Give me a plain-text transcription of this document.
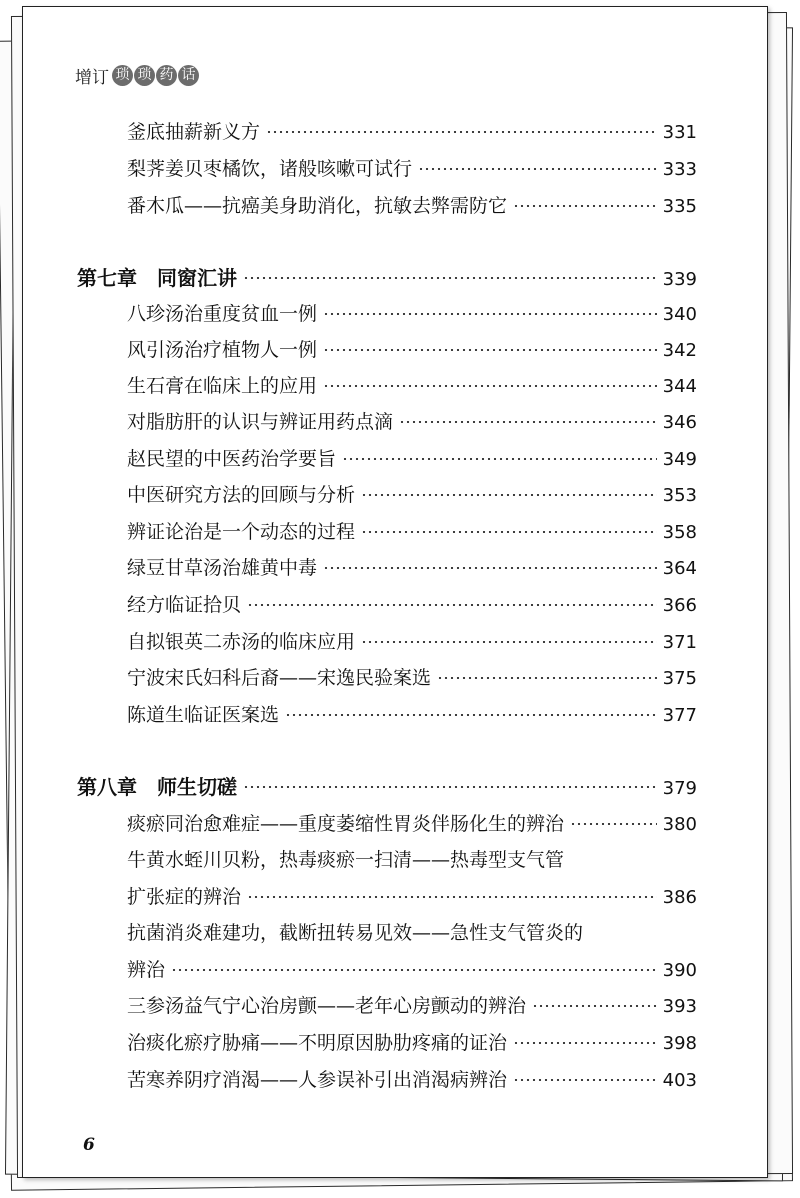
增订 琐 琐 药 话
釜底抽薪新义方	331
梨荠姜贝枣橘饮，诸般咳嗽可试行	333
番木瓜——抗癌美身助消化，抗敏去弊需防它	335
第七章　同窗汇讲	339
八珍汤治重度贫血一例	340
风引汤治疗植物人一例	342
生石膏在临床上的应用	344
对脂肪肝的认识与辨证用药点滴	346
赵民望的中医药治学要旨	349
中医研究方法的回顾与分析	353
辨证论治是一个动态的过程	358
绿豆甘草汤治雄黄中毒	364
经方临证拾贝	366
自拟银英二赤汤的临床应用	371
宁波宋氏妇科后裔——宋逸民验案选	375
陈道生临证医案选	377
第八章　师生切磋	379
痰瘀同治愈难症——重度萎缩性胃炎伴肠化生的辨治	380
牛黄水蛭川贝粉，热毒痰瘀一扫清——热毒型支气管
扩张症的辨治	386
抗菌消炎难建功，截断扭转易见效——急性支气管炎的
辨治	390
三参汤益气宁心治房颤——老年心房颤动的辨治	393
治痰化瘀疗胁痛——不明原因胁肋疼痛的证治	398
苦寒养阴疗消渴——人参误补引出消渴病辨治	403
6
